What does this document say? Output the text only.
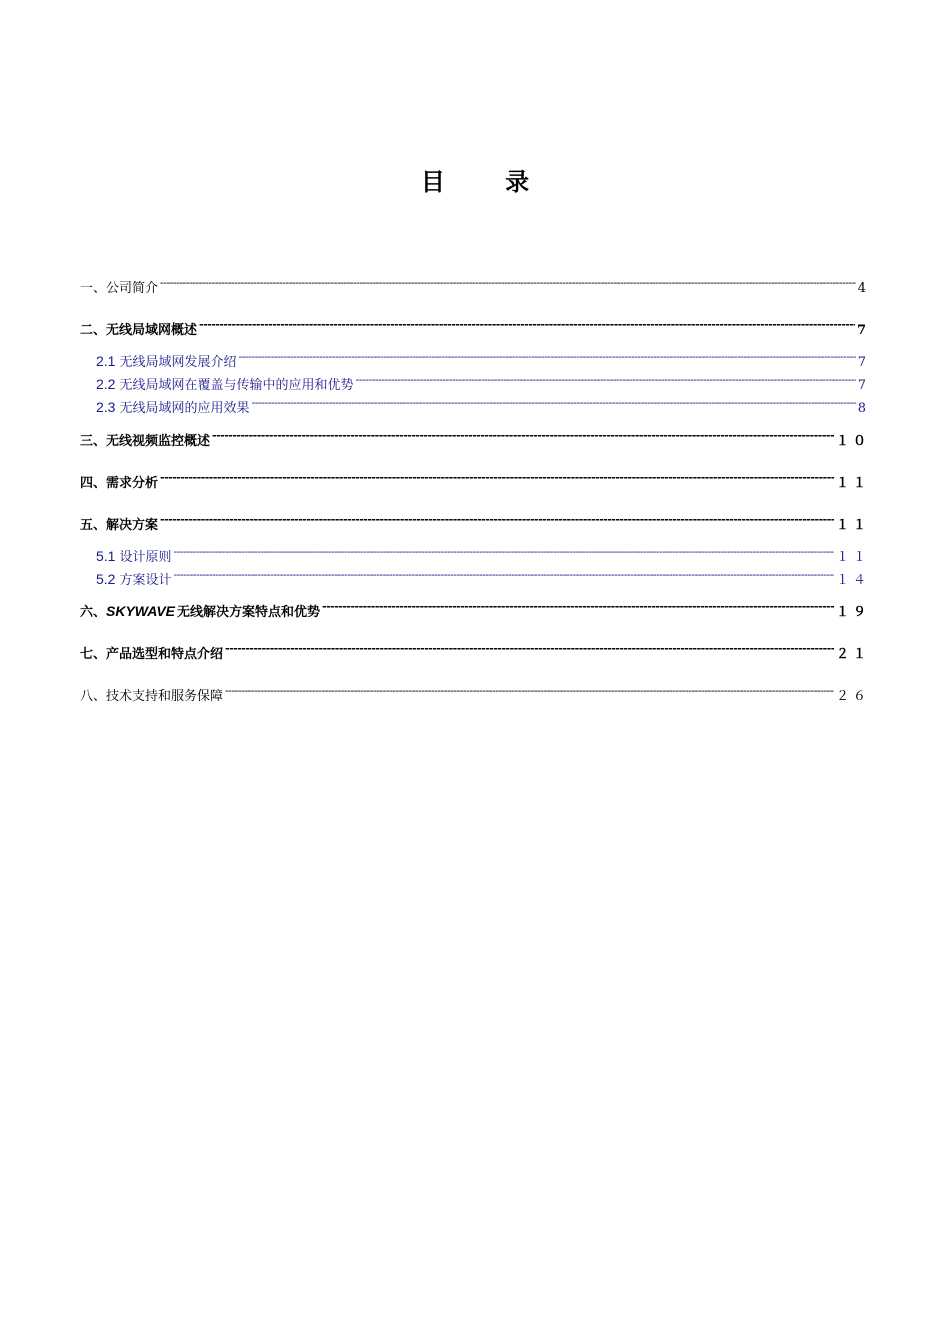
目 录
一、公司简介 -----	4
二、无线局域网概述 -----	7
2.1 无线局域网发展介绍 -----	7
2.2 无线局域网在覆盖与传输中的应用和优势 -----	7
2.3 无线局域网的应用效果 -----	8
三、无线视频监控概述 -----	１０
四、需求分析 -----	１１
五、解决方案 -----	１１
5.1 设计原则 -----	１１
5.2 方案设计 -----	１４
六、 SKYWAVE 无线解决方案特点和优势 -----	１９
七、产品选型和特点介绍 -----	２１
八、技术支持和服务保障 -----	２６
